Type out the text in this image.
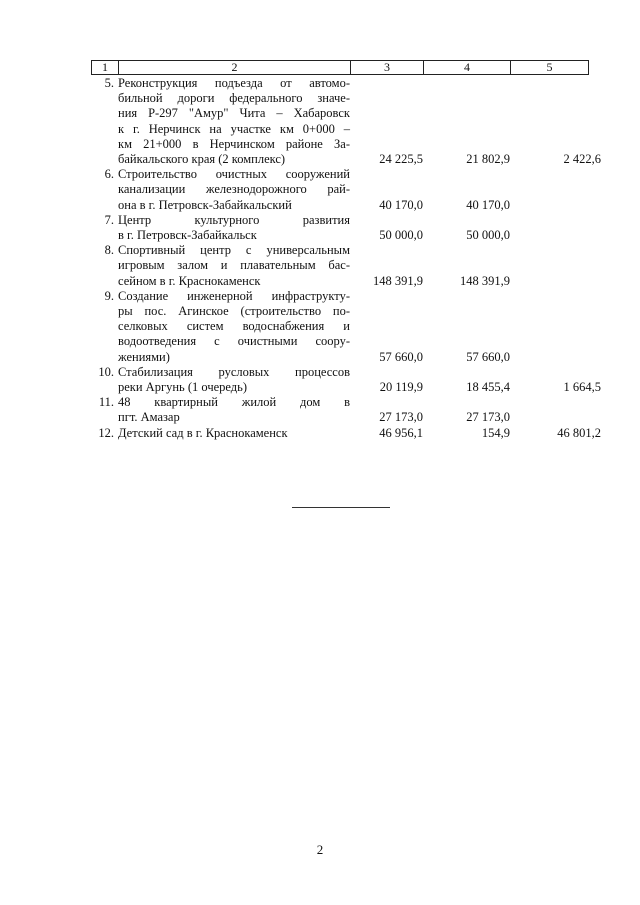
1	2	3	4	5
5. Реконструкция подъезда от автомо-
бильной дороги федерального значе-
ния Р-297 "Амур" Чита – Хабаровск
к г. Нерчинск на участке км 0+000 –
км 21+000 в Нерчинском районе За-
байкальского края (2 комплекс)	24 225,5	21 802,9	2 422,6
6. Строительство очистных сооружений
канализации железнодорожного рай-
она в г. Петровск-Забайкальский	40 170,0	40 170,0
7. Центр культурного развития
в г. Петровск-Забайкальск	50 000,0	50 000,0
8. Спортивный центр с универсальным
игровым залом и плавательным бас-
сейном в г. Краснокаменск	148 391,9	148 391,9
9. Создание инженерной инфраструкту-
ры пос. Агинское (строительство по-
селковых систем водоснабжения и
водоотведения с очистными соору-
жениями)	57 660,0	57 660,0
10. Стабилизация русловых процессов
реки Аргунь (1 очередь)	20 119,9	18 455,4	1 664,5
11. 48 квартирный жилой дом в
пгт. Амазар	27 173,0	27 173,0
12. Детский сад в г. Краснокаменск	46 956,1	154,9	46 801,2
2
